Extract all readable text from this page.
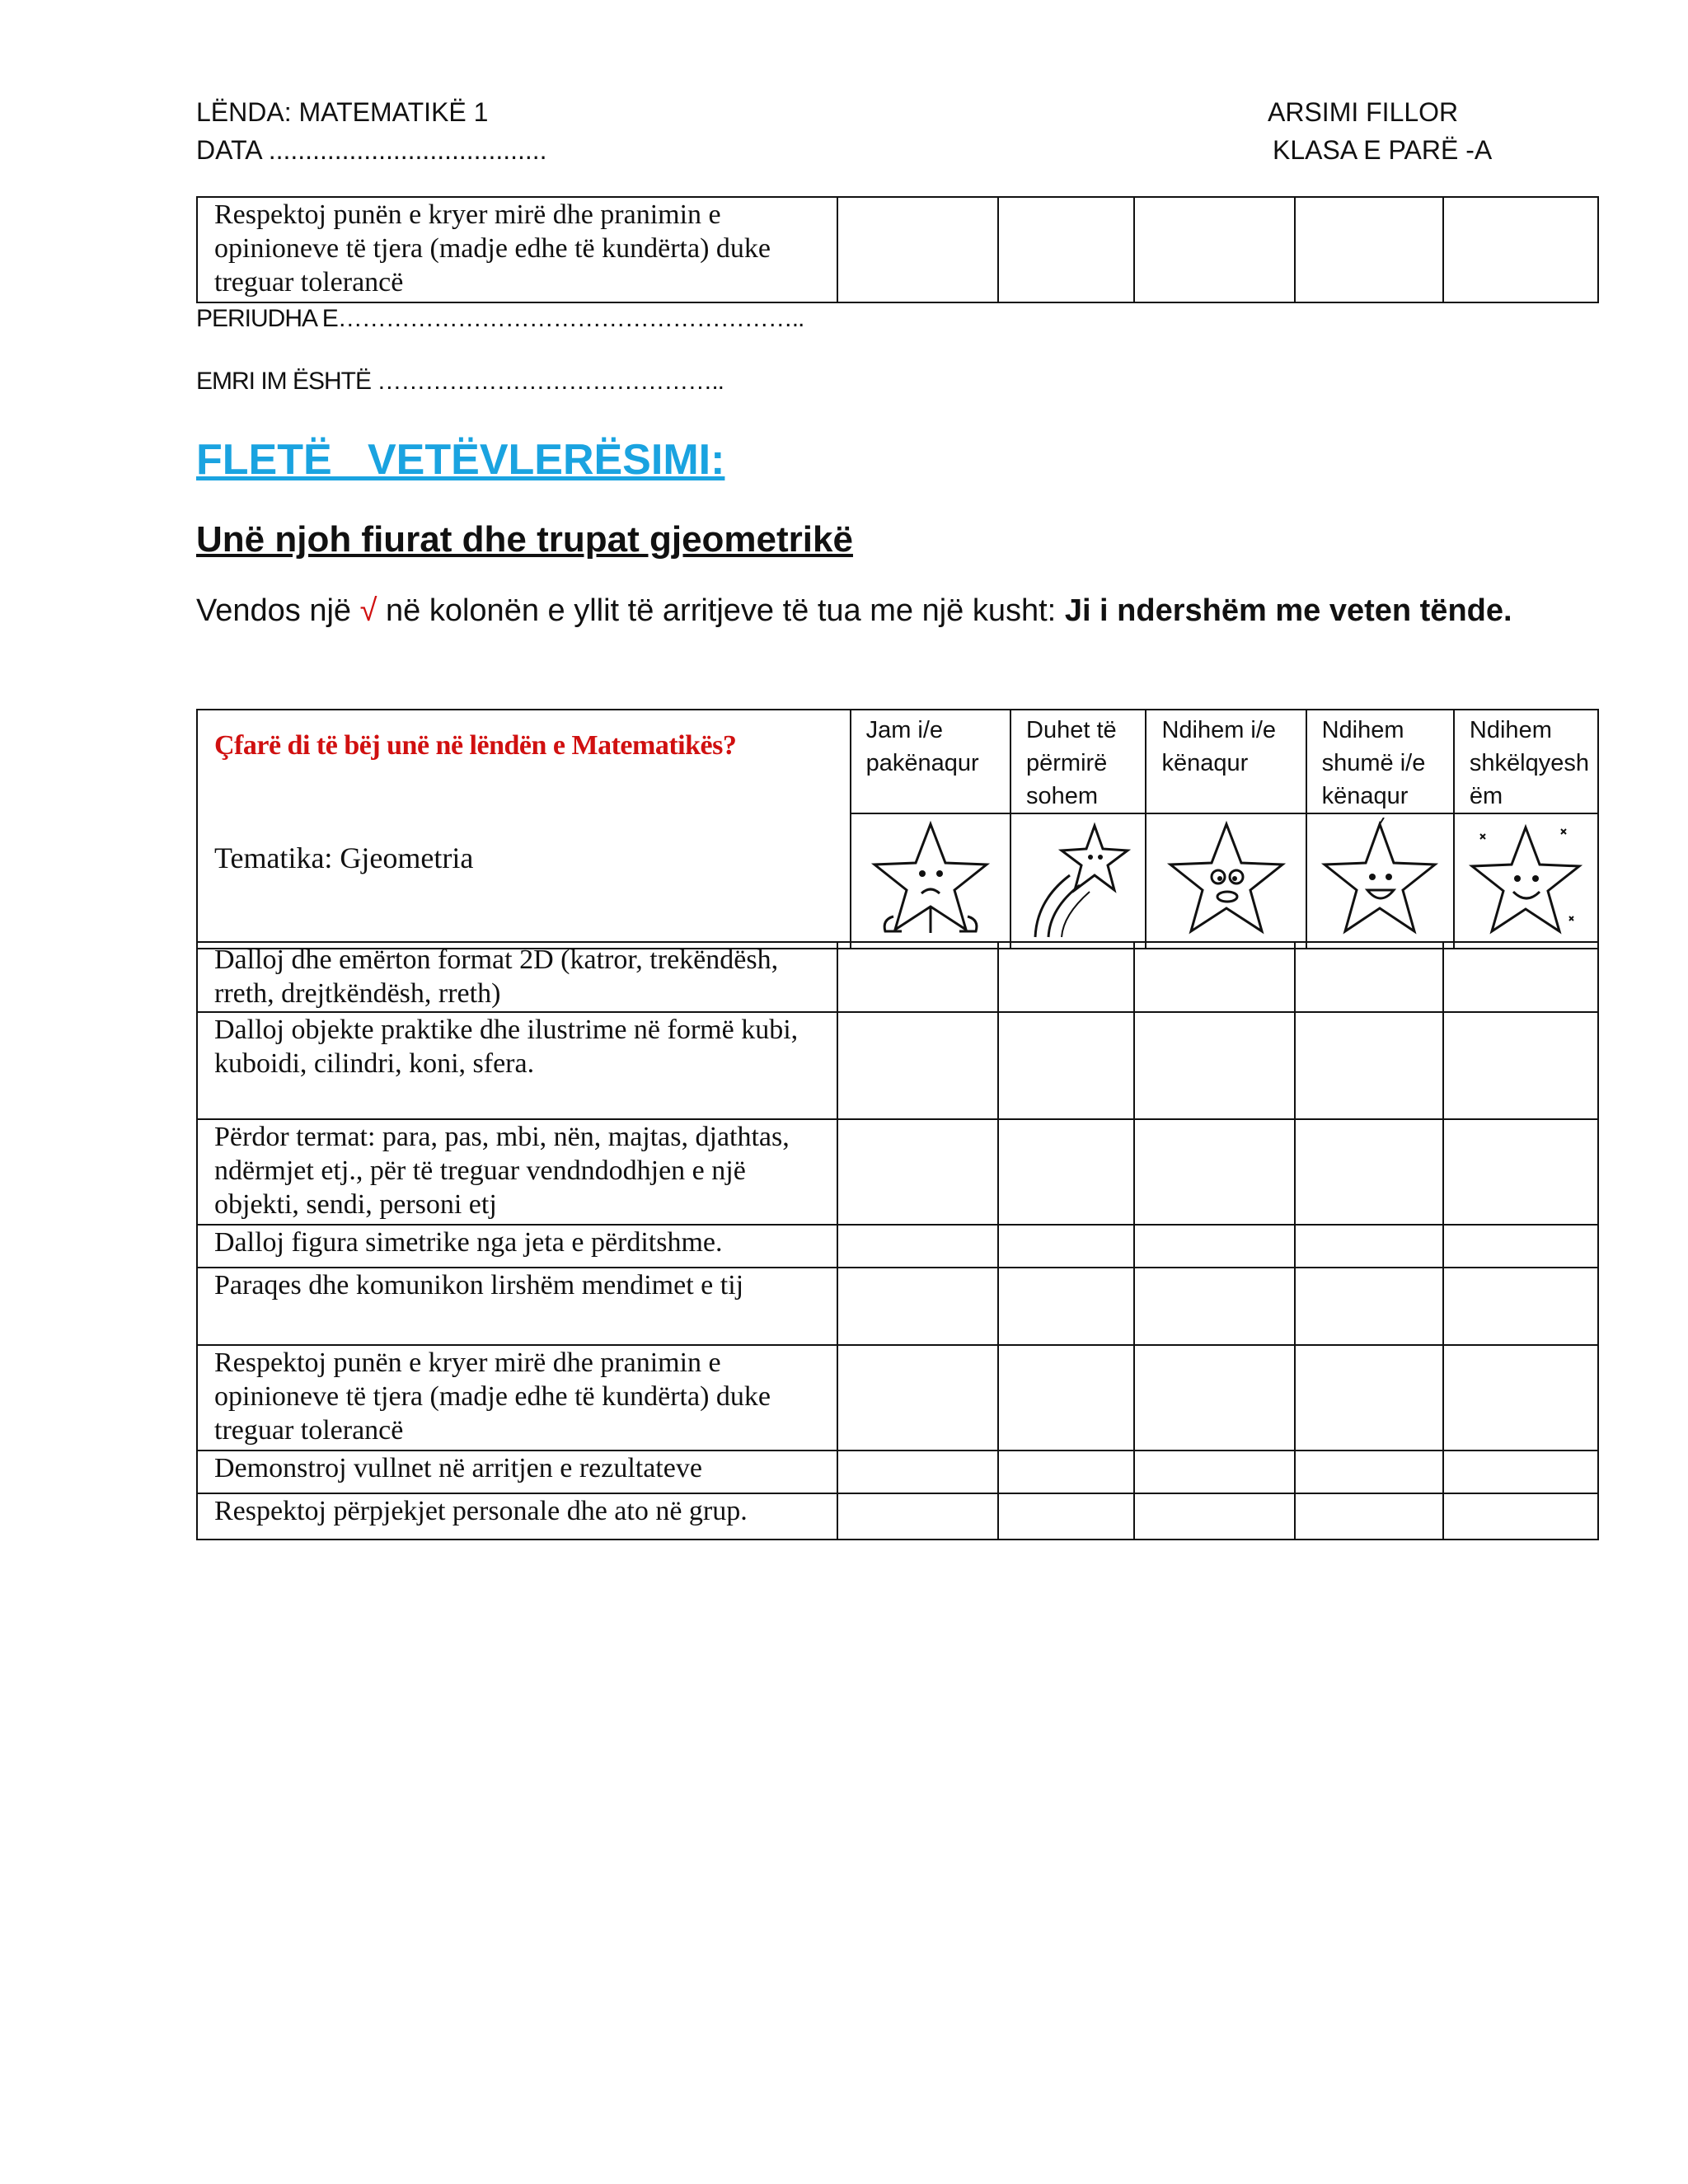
LËNDA: MATEMATIKË 1
DATA ......................................
ARSIMI FILLOR
KLASA E PARË -A
Respektoj punën e kryer mirë dhe pranimin e opinioneve të tjera (madje edhe të kundërta) duke treguar tolerancë					
PERIUDHA E…………………………………………………..
EMRI IM ËSHTË ……………………………………..
FLETË   VETËVLERËSIMI:
Unë njoh fiurat dhe trupat gjeometrikë
Vendos një √ në kolonën e yllit të arritjeve të tua me një kusht: Ji i ndershëm me veten tënde.
Çfarë di të bëj unë në lëndën e Matematikës?
Tematika: Gjeometria	Jam i/e pakënaqur	Duhet të përmirë sohem	Ndihem i/e kënaqur	Ndihem shumë i/e kënaqur	Ndihem shkëlqyesh ëm

Dalloj dhe emërton format 2D (katror, trekëndësh, rreth, drejtkëndësh, rreth)					
Dalloj objekte praktike dhe ilustrime në formë kubi, kuboidi, cilindri, koni, sfera.					
Përdor termat: para, pas, mbi, nën, majtas, djathtas, ndërmjet etj., për të treguar vendndodhjen e një objekti, sendi, personi etj					
Dalloj figura simetrike nga jeta e përditshme.					
Paraqes dhe komunikon lirshëm mendimet e tij					
Respektoj punën e kryer mirë dhe pranimin e opinioneve të tjera (madje edhe të kundërta) duke treguar tolerancë					
Demonstroj vullnet në arritjen e rezultateve					
Respektoj përpjekjet personale dhe ato në grup.					
